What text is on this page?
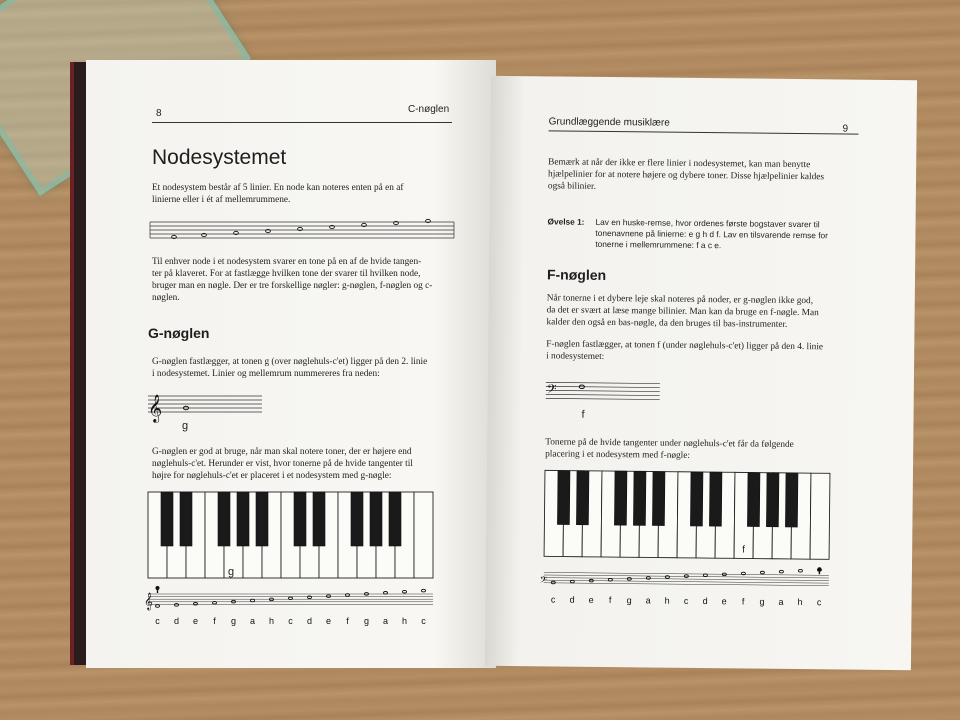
8	C-nøglen
Nodesystemet
Et nodesystem består af 5 linier. En node kan noteres enten på en af
linierne eller i ét af mellemrummene.
Til enhver node i et nodesystem svarer en tone på en af de hvide tangen-
ter på klaveret. For at fastlægge hvilken tone der svarer til hvilken node,
bruger man en nøgle. Der er tre forskellige nøgler: g-nøglen, f-nøglen og c-
nøglen.
G-nøglen
G-nøglen fastlægger, at tonen g (over nøglehuls-c'et) ligger på den 2. linie
i nodesystemet. Linier og mellemrum nummereres fra neden:
𝄞
g
G-nøglen er god at bruge, når man skal notere toner, der er højere end
nøglehuls-c'et. Herunder er vist, hvor tonerne på de hvide tangenter til
højre for nøglehuls-c'et er placeret i et nodesystem med g-nøgle:
𝄞
c d e f g a h c d e f g a h c
g
Grundlæggende musiklære
9
Bemærk at når der ikke er flere linier i nodesystemet, kan man benytte
hjælpelinier for at notere højere og dybere toner. Disse hjælpelinier kaldes
også bilinier.
Øvelse 1: Lav en huske-remse, hvor ordenes første bogstaver svarer til
tonenavnene på linierne: e g h d f. Lav en tilsvarende remse for
tonerne i mellemrummene: f a c e.
F-nøglen
Når tonerne i et dybere leje skal noteres på noder, er g-nøglen ikke god,
da det er svært at læse mange bilinier. Man kan da bruge en f-nøgle. Man
kalder den også en bas-nøgle, da den bruges til bas-instrumenter.
F-nøglen fastlægger, at tonen f (under nøglehuls-c'et) ligger på den 4. linie
i nodesystemet:
𝄢
f
Tonerne på de hvide tangenter under nøglehuls-c'et får da følgende
placering i et nodesystem med f-nøgle:
𝄢
c d e f g a h c d e f g a h c
f
